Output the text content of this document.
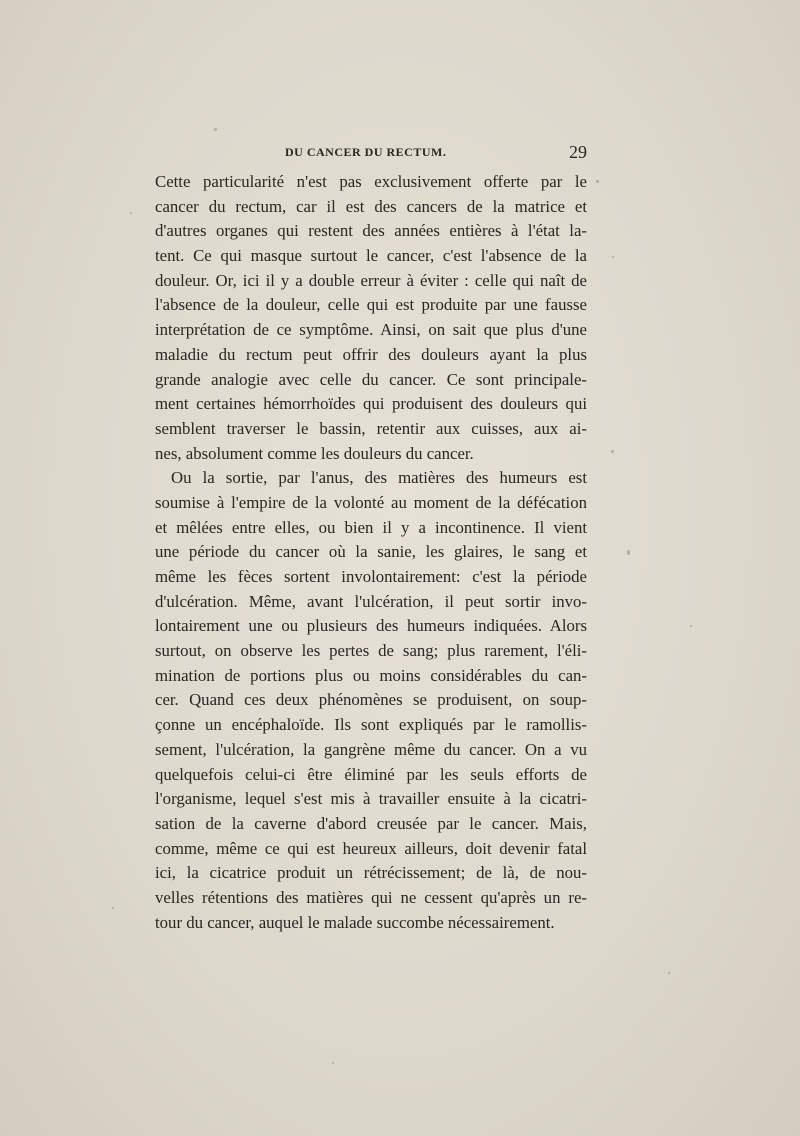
DU CANCER DU RECTUM.	29

Cette particularité n'est pas exclusivement offerte par le
cancer du rectum, car il est des cancers de la matrice et
d'autres organes qui restent des années entières à l'état la-
tent. Ce qui masque surtout le cancer, c'est l'absence de la
douleur. Or, ici il y a double erreur à éviter : celle qui naît de
l'absence de la douleur, celle qui est produite par une fausse
interprétation de ce symptôme. Ainsi, on sait que plus d'une
maladie du rectum peut offrir des douleurs ayant la plus
grande analogie avec celle du cancer. Ce sont principale-
ment certaines hémorrhoïdes qui produisent des douleurs qui
semblent traverser le bassin, retentir aux cuisses, aux ai-
nes, absolument comme les douleurs du cancer.

Ou la sortie, par l'anus, des matières des humeurs est
soumise à l'empire de la volonté au moment de la défécation
et mêlées entre elles, ou bien il y a incontinence. Il vient
une période du cancer où la sanie, les glaires, le sang et
même les fèces sortent involontairement: c'est la période
d'ulcération. Même, avant l'ulcération, il peut sortir invo-
lontairement une ou plusieurs des humeurs indiquées. Alors
surtout, on observe les pertes de sang; plus rarement, l'éli-
mination de portions plus ou moins considérables du can-
cer. Quand ces deux phénomènes se produisent, on soup-
çonne un encéphaloïde. Ils sont expliqués par le ramollis-
sement, l'ulcération, la gangrène même du cancer. On a vu
quelquefois celui-ci être éliminé par les seuls efforts de
l'organisme, lequel s'est mis à travailler ensuite à la cicatri-
sation de la caverne d'abord creusée par le cancer. Mais,
comme, même ce qui est heureux ailleurs, doit devenir fatal
ici, la cicatrice produit un rétrécissement; de là, de nou-
velles rétentions des matières qui ne cessent qu'après un re-
tour du cancer, auquel le malade succombe nécessairement.
